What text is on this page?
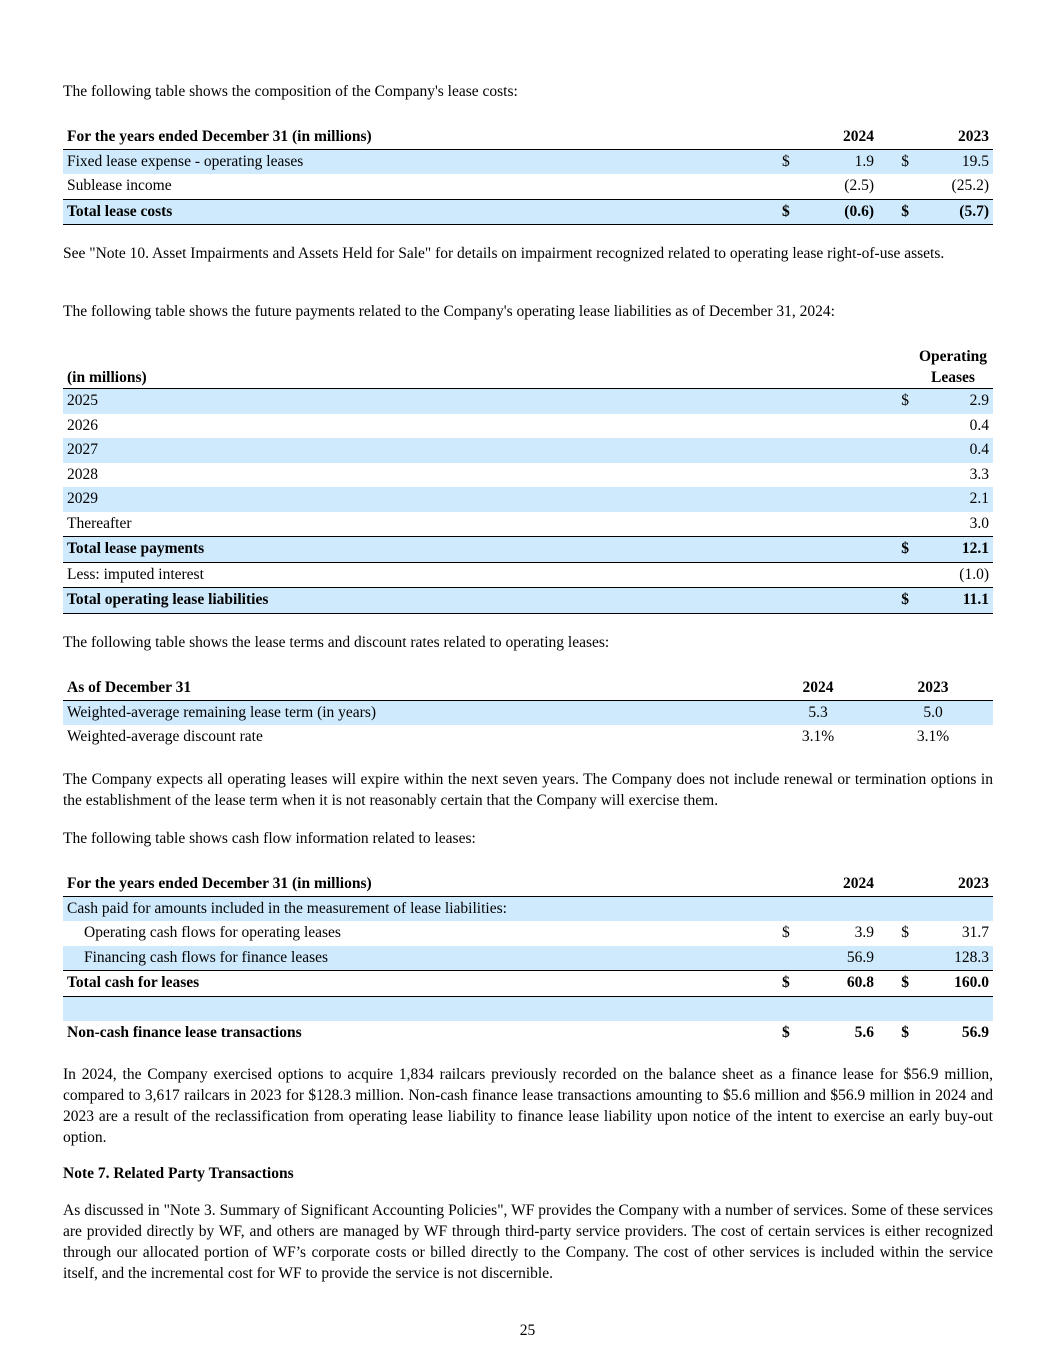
The following table shows the composition of the Company's lease costs:

For the years ended December 31 (in millions)		2024		2023
Fixed lease expense - operating leases	$	1.9	$	19.5
Sublease income		(2.5)		(25.2)
Total lease costs	$	(0.6)	$	(5.7)

See "Note 10. Asset Impairments and Assets Held for Sale" for details on impairment recognized related to operating lease right-of-use assets.

The following table shows the future payments related to the Company's operating lease liabilities as of December 31, 2024:

(in millions)		Operating
Leases

2025	$	2.9
2026		0.4
2027		0.4
2028		3.3
2029		2.1
Thereafter		3.0
Total lease payments	$	12.1
Less: imputed interest		(1.0)
Total operating lease liabilities	$	11.1

The following table shows the lease terms and discount rates related to operating leases:

As of December 31	2024	2023
Weighted-average remaining lease term (in years)	5.3	5.0
Weighted-average discount rate	3.1%	3.1%

The Company expects all operating leases will expire within the next seven years. The Company does not include renewal or termination options in the establishment of the lease term when it is not reasonably certain that the Company will exercise them.

The following table shows cash flow information related to leases:

For the years ended December 31 (in millions)		2024		2023
Cash paid for amounts included in the measurement of lease liabilities:				
Operating cash flows for operating leases	$	3.9	$	31.7
Financing cash flows for finance leases		56.9		128.3
Total cash for leases	$	60.8	$	160.0

Non-cash finance lease transactions	$	5.6	$	56.9

In 2024, the Company exercised options to acquire 1,834 railcars previously recorded on the balance sheet as a finance lease for $56.9 million, compared to 3,617 railcars in 2023 for $128.3 million. Non-cash finance lease transactions amounting to $5.6 million and $56.9 million in 2024 and 2023 are a result of the reclassification from operating lease liability to finance lease liability upon notice of the intent to exercise an early buy-out option.

Note 7. Related Party Transactions

As discussed in "Note 3. Summary of Significant Accounting Policies", WF provides the Company with a number of services. Some of these services are provided directly by WF, and others are managed by WF through third-party service providers. The cost of certain services is either recognized through our allocated portion of WF’s corporate costs or billed directly to the Company. The cost of other services is included within the service itself, and the incremental cost for WF to provide the service is not discernible.

25
